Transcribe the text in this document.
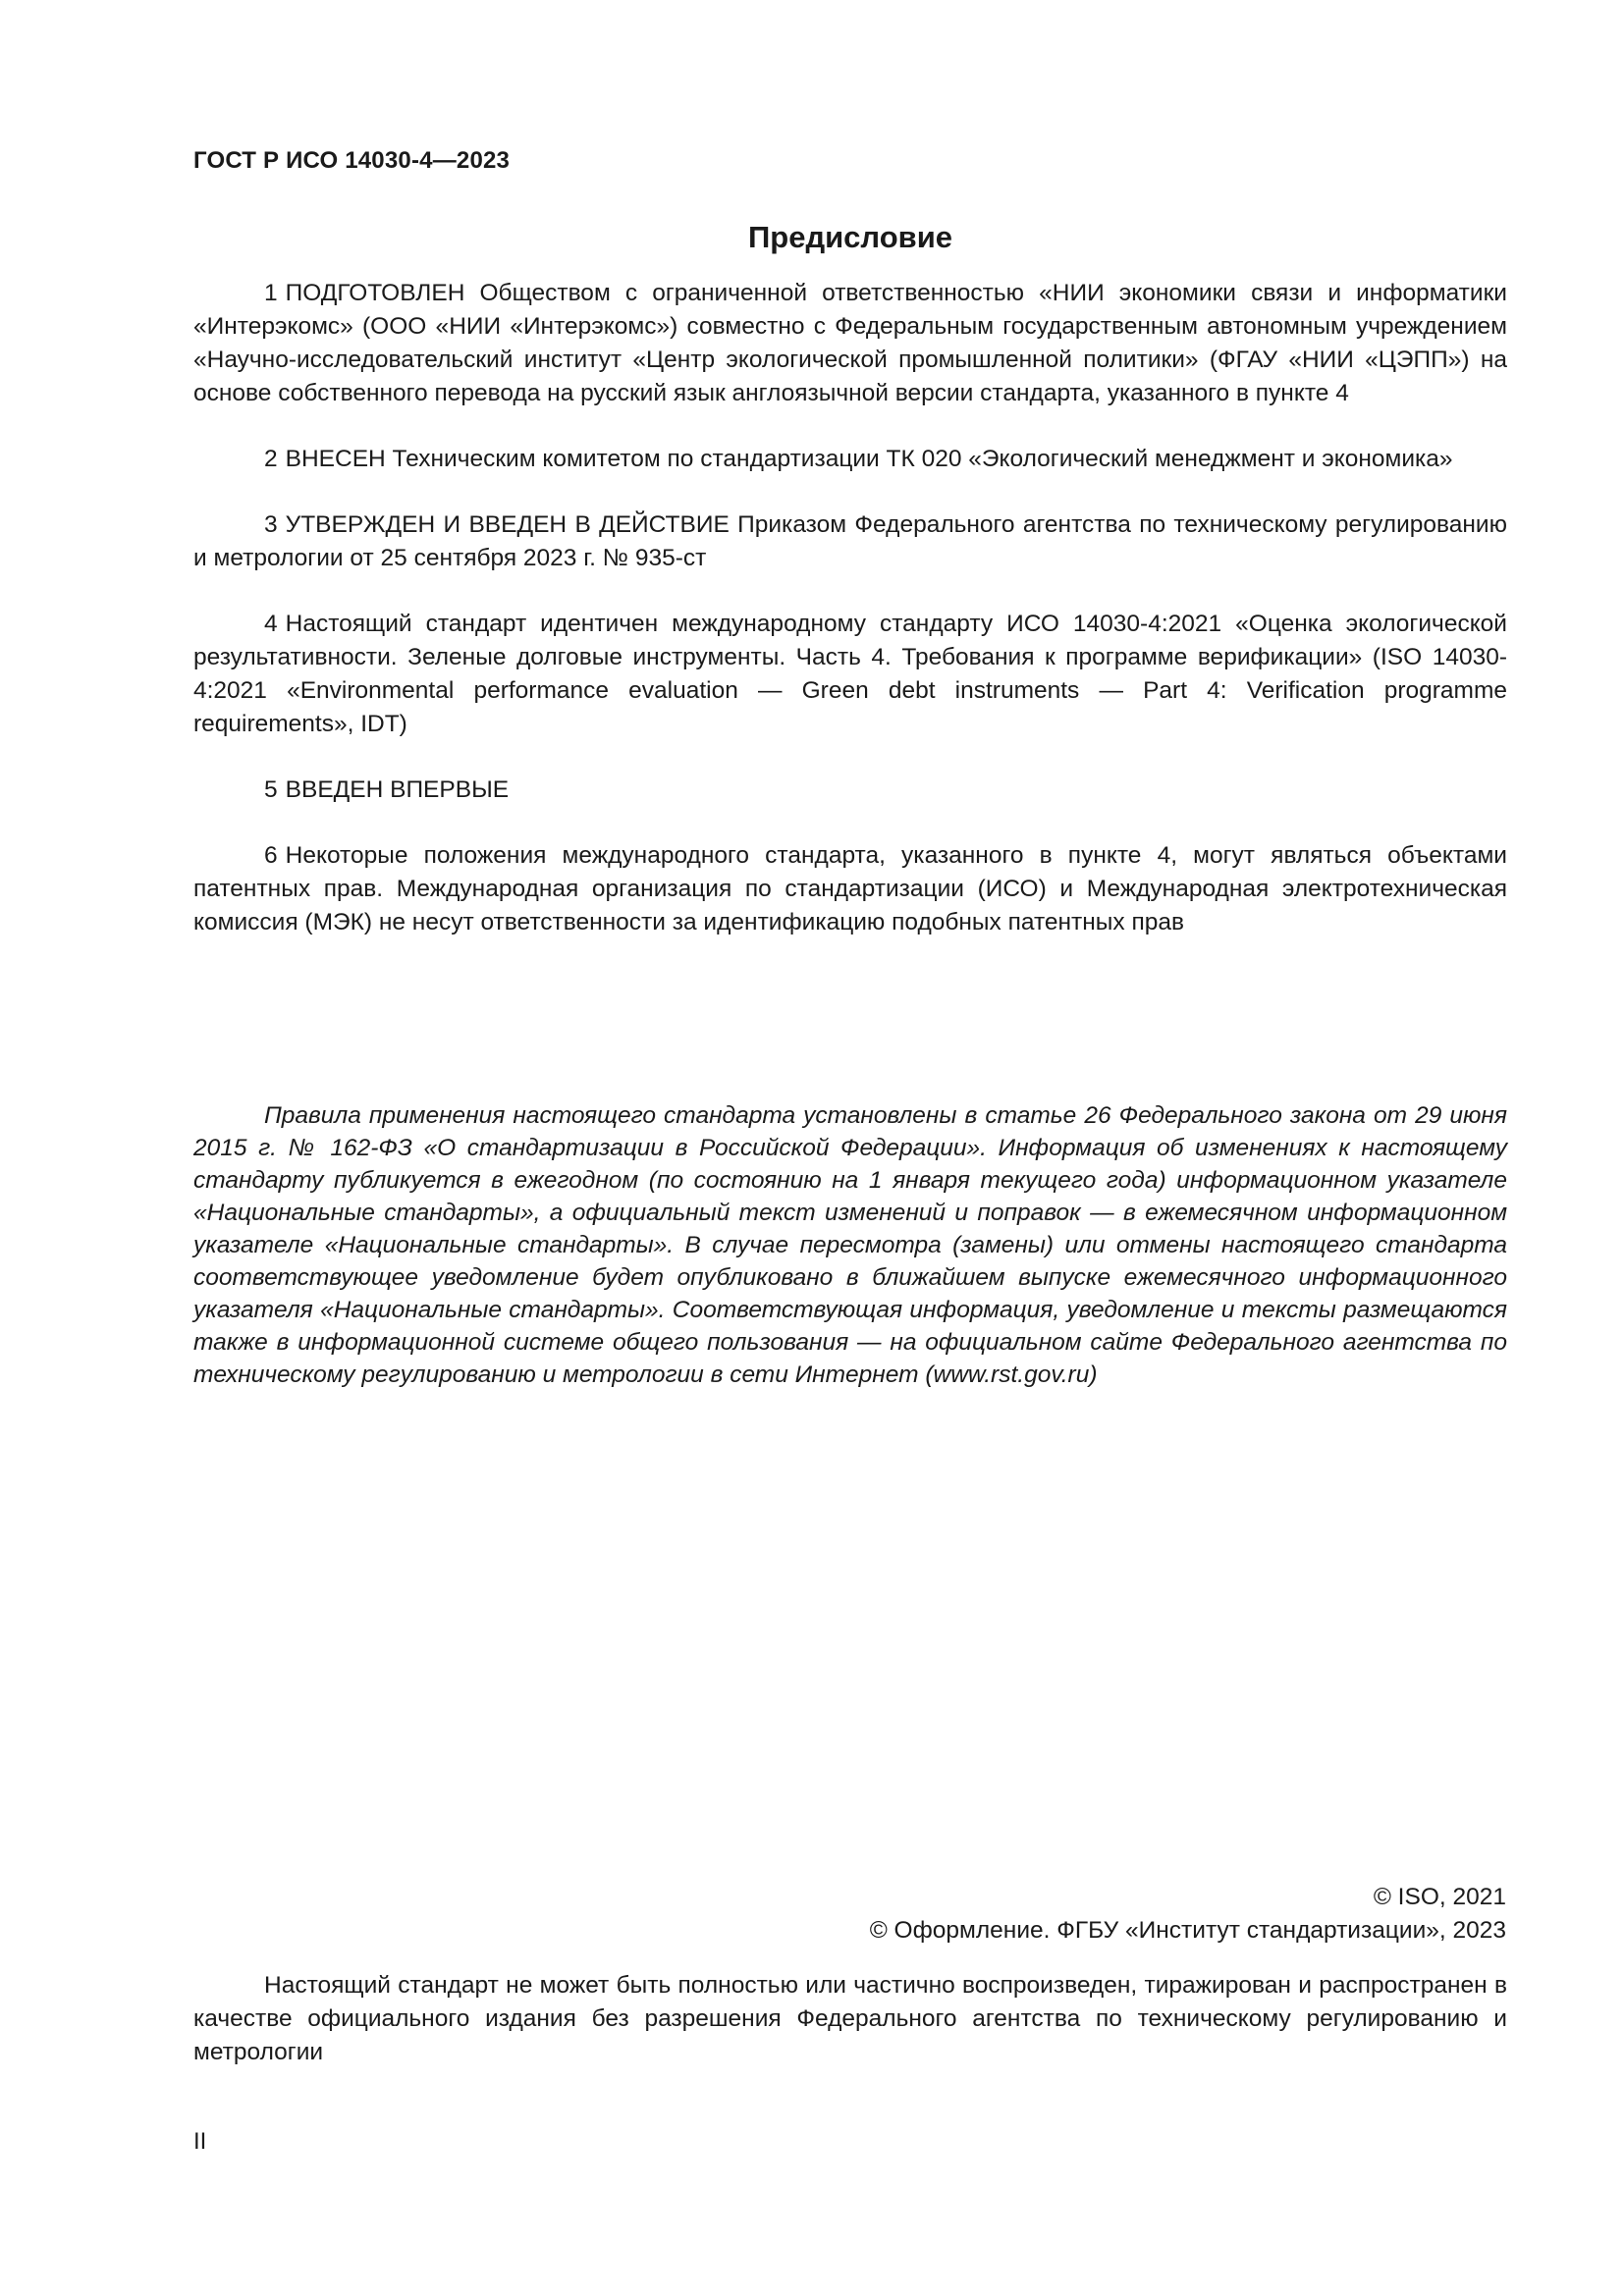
ГОСТ Р ИСО 14030-4—2023
Предисловие

1 ПОДГОТОВЛЕН Обществом с ограниченной ответственностью «НИИ экономики связи и информатики «Интерэкомс» (ООО «НИИ «Интерэкомс») совместно с Федеральным государственным автономным учреждением «Научно-исследовательский институт «Центр экологической промышленной политики» (ФГАУ «НИИ «ЦЭПП») на основе собственного перевода на русский язык англоязычной версии стандарта, указанного в пункте 4

2 ВНЕСЕН Техническим комитетом по стандартизации ТК 020 «Экологический менеджмент и экономика»

3 УТВЕРЖДЕН И ВВЕДЕН В ДЕЙСТВИЕ Приказом Федерального агентства по техническому регулированию и метрологии от 25 сентября 2023 г. № 935-ст

4 Настоящий стандарт идентичен международному стандарту ИСО 14030-4:2021 «Оценка экологической результативности. Зеленые долговые инструменты. Часть 4. Требования к программе верификации» (ISO 14030-4:2021 «Environmental performance evaluation — Green debt instruments — Part 4: Verification programme requirements», IDT)

5 ВВЕДЕН ВПЕРВЫЕ

6 Некоторые положения международного стандарта, указанного в пункте 4, могут являться объектами патентных прав. Международная организация по стандартизации (ИСО) и Международная электротехническая комиссия (МЭК) не несут ответственности за идентификацию подобных патентных прав

Правила применения настоящего стандарта установлены в статье 26 Федерального закона от 29 июня 2015 г. № 162-ФЗ «О стандартизации в Российской Федерации». Информация об изменениях к настоящему стандарту публикуется в ежегодном (по состоянию на 1 января текущего года) информационном указателе «Национальные стандарты», а официальный текст изменений и поправок — в ежемесячном информационном указателе «Национальные стандарты». В случае пересмотра (замены) или отмены настоящего стандарта соответствующее уведомление будет опубликовано в ближайшем выпуске ежемесячного информационного указателя «Национальные стандарты». Соответствующая информация, уведомление и тексты размещаются также в информационной системе общего пользования — на официальном сайте Федерального агентства по техническому регулированию и метрологии в сети Интернет (www.rst.gov.ru)
© ISO, 2021
© Оформление. ФГБУ «Институт стандартизации», 2023
Настоящий стандарт не может быть полностью или частично воспроизведен, тиражирован и распространен в качестве официального издания без разрешения Федерального агентства по техническому регулированию и метрологии
II
